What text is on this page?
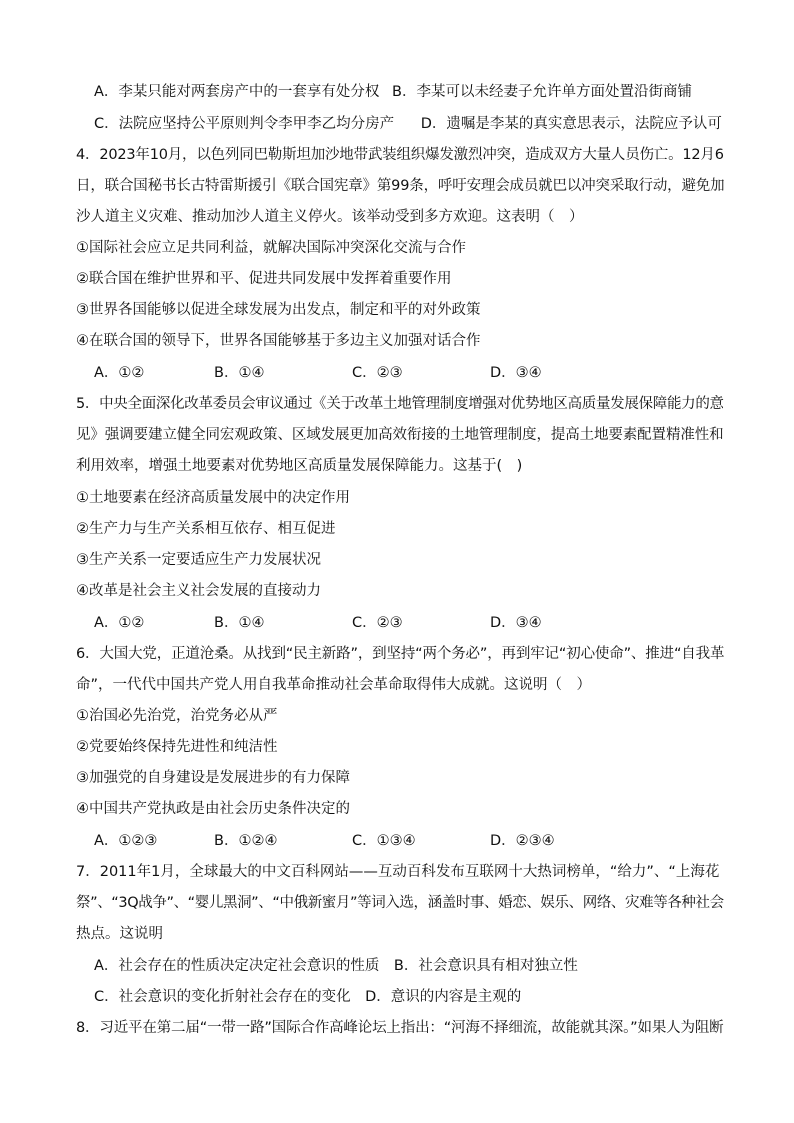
A．李某只能对两套房产中的一套享有处分权 B．李某可以未经妻子允许单方面处置沿街商铺
C．法院应坚持公平原则判令李甲李乙均分房产 D．遗嘱是李某的真实意思表示，法院应予认可
4．2023年10月，以色列同巴勒斯坦加沙地带武装组织爆发激烈冲突，造成双方大量人员伤亡。12月6
日，联合国秘书长古特雷斯援引《联合国宪章》第99条，呼吁安理会成员就巴以冲突采取行动，避免加
沙人道主义灾难、推动加沙人道主义停火。该举动受到多方欢迎。这表明（　）
①国际社会应立足共同利益，就解决国际冲突深化交流与合作
②联合国在维护世界和平、促进共同发展中发挥着重要作用
③世界各国能够以促进全球发展为出发点，制定和平的对外政策
④在联合国的领导下，世界各国能够基于多边主义加强对话合作
A．①②	B．①④	C．②③	D．③④
5．中央全面深化改革委员会审议通过《关于改革土地管理制度增强对优势地区高质量发展保障能力的意
见》强调要建立健全同宏观政策、区域发展更加高效衔接的土地管理制度，提高土地要素配置精准性和
利用效率，增强土地要素对优势地区高质量发展保障能力。这基于(　)
①土地要素在经济高质量发展中的决定作用
②生产力与生产关系相互依存、相互促进
③生产关系一定要适应生产力发展状况
④改革是社会主义社会发展的直接动力
A．①②	B．①④	C．②③	D．③④
6．大国大党，正道沧桑。从找到“民主新路”，到坚持“两个务必”，再到牢记“初心使命”、推进“自我革
命”，一代代中国共产党人用自我革命推动社会革命取得伟大成就。这说明（　）
①治国必先治党，治党务必从严
②党要始终保持先进性和纯洁性
③加强党的自身建设是发展进步的有力保障
④中国共产党执政是由社会历史条件决定的
A．①②③	B．①②④	C．①③④	D．②③④
7．2011年1月，全球最大的中文百科网站——互动百科发布互联网十大热词榜单，“给力”、“上海花
祭”、“3Q战争”、“婴儿黑洞”、“中俄新蜜月”等词入选，涵盖时事、婚恋、娱乐、网络、灾难等各种社会
热点。这说明
A．社会存在的性质决定决定社会意识的性质　B．社会意识具有相对独立性
C．社会意识的变化折射社会存在的变化　D．意识的内容是主观的
8．习近平在第二届“一带一路”国际合作高峰论坛上指出：“河海不择细流，故能就其深。”如果人为阻断
